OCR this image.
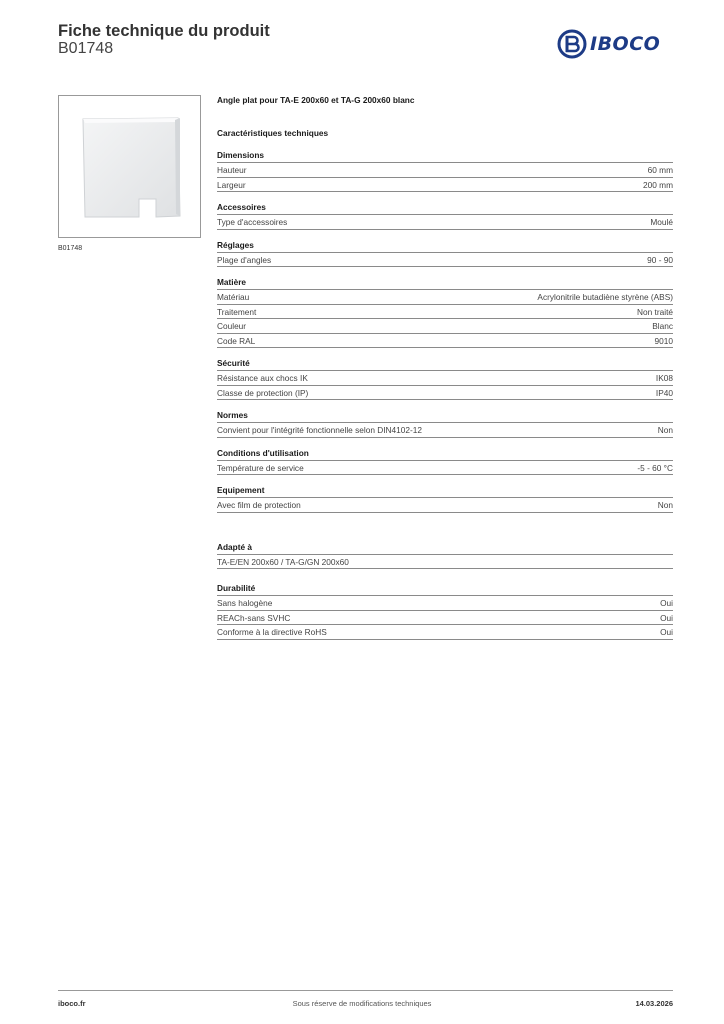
Fiche technique du produit
B01748	IBOCO
B01748
Angle plat pour TA-E 200x60 et TA-G 200x60 blanc
Caractéristiques techniques
Dimensions
Hauteur	60 mm
Largeur	200 mm
Accessoires
Type d'accessoires	Moulé
Réglages
Plage d'angles	90 - 90
Matière
Matériau	Acrylonitrile butadiène styrène (ABS)
Traitement	Non traité
Couleur	Blanc
Code RAL	9010
Sécurité
Résistance aux chocs IK	IK08
Classe de protection (IP)	IP40
Normes
Convient pour l'intégrité fonctionnelle selon DIN4102-12	Non
Conditions d'utilisation
Température de service	-5 - 60 °C
Equipement
Avec film de protection	Non
Adapté à
TA-E/EN 200x60 / TA-G/GN 200x60
Durabilité
Sans halogène	Oui
REACh-sans SVHC	Oui
Conforme à la directive RoHS	Oui
iboco.fr	Sous réserve de modifications techniques	14.03.2026
